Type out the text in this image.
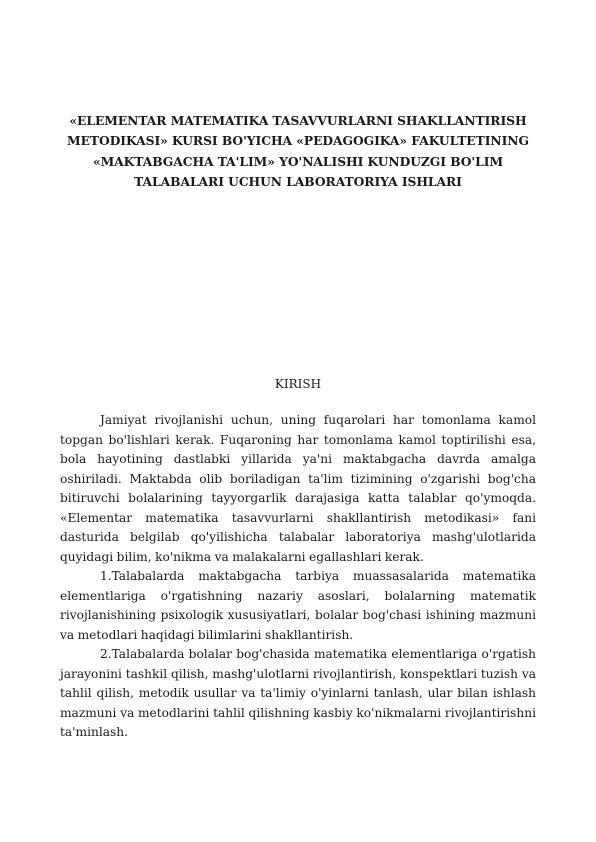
«ELEMENTAR MATEMATIKA TASAVVURLARNI SHAKLLANTIRISH METODIKASI» KURSI BO'YICHA «PEDAGOGIKA» FAKULTETINING «MAKTABGACHA TA'LIM» YO'NALISHI KUNDUZGI BO'LIM TALABALARI UCHUN LABORATORIYA ISHLARI
KIRISH

Jamiyat rivojlanishi uchun, uning fuqarolari har tomonlama kamol topgan bo'lishlari kerak. Fuqaroning har tomonlama kamol toptirilishi esa, bola hayotining dastlabki yillarida ya'ni maktabgacha davrda amalga oshiriladi. Maktabda olib boriladigan ta'lim tizimining o'zgarishi bog'cha bitiruvchi bolalarining tayyorgarlik darajasiga katta talablar qo'ymoqda. «Elementar matematika tasavvurlarni shakllantirish metodikasi» fani dasturida belgilab qo'yilishicha talabalar laboratoriya mashg'ulotlarida quyidagi bilim, ko'nikma va malakalarni egallashlari kerak.

1.Talabalarda maktabgacha tarbiya muassasalarida matematika elementlariga o'rgatishning nazariy asoslari, bolalarning matematik rivojlanishining psixologik xususiyatlari, bolalar bog'chasi ishining mazmuni va metodlari haqidagi bilimlarini shakllantirish.

2.Talabalarda bolalar bog'chasida matematika elementlariga o'rgatish jarayonini tashkil qilish, mashg'ulotlarni rivojlantirish, konspektlari tuzish va tahlil qilish, metodik usullar va ta'limiy o'yinlarni tanlash, ular bilan ishlash mazmuni va metodlarini tahlil qilishning kasbiy ko'nikmalarni rivojlantirishni ta'minlash.
